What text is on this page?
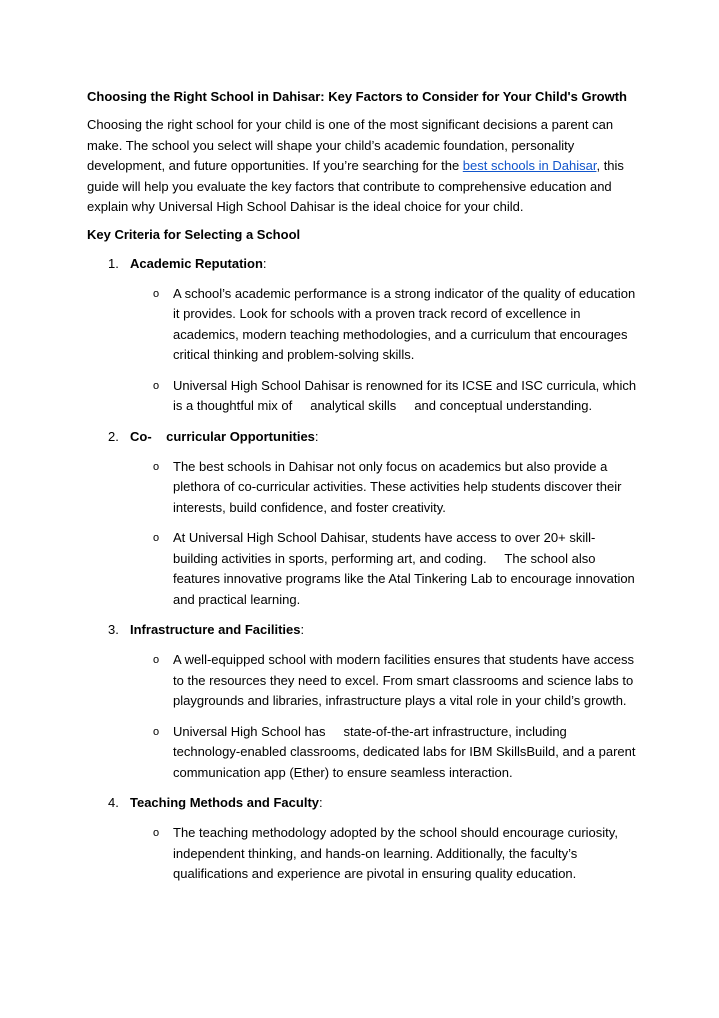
Choosing the Right School in Dahisar: Key Factors to Consider for Your Child's Growth

Choosing the right school for your child is one of the most significant decisions a parent can make. The school you select will shape your child’s academic foundation, personality development, and future opportunities. If you’re searching for the best schools in Dahisar, this guide will help you evaluate the key factors that contribute to comprehensive education and explain why Universal High School Dahisar is the ideal choice for your child.

Key Criteria for Selecting a School
1. Academic Reputation:
o	A school’s academic performance is a strong indicator of the quality of education it provides. Look for schools with a proven track record of excellence in academics, modern teaching methodologies, and a curriculum that encourages critical thinking and problem-solving skills.
o	Universal High School Dahisar is renowned for its ICSE and ISC curricula, which is a thoughtful mix of     analytical skills     and conceptual understanding.
2. Co-    curricular Opportunities:
o	The best schools in Dahisar not only focus on academics but also provide a plethora of co-curricular activities. These activities help students discover their interests, build confidence, and foster creativity.
o	At Universal High School Dahisar, students have access to over 20+ skill-building activities in sports, performing art, and coding.     The school also features innovative programs like the Atal Tinkering Lab to encourage innovation and practical learning.
3. Infrastructure and Facilities:
o	A well-equipped school with modern facilities ensures that students have access to the resources they need to excel. From smart classrooms and science labs to playgrounds and libraries, infrastructure plays a vital role in your child’s growth.
o	Universal High School has     state-of-the-art infrastructure, including technology-enabled classrooms, dedicated labs for IBM SkillsBuild, and a parent communication app (Ether) to ensure seamless interaction.
4. Teaching Methods and Faculty:
o	The teaching methodology adopted by the school should encourage curiosity, independent thinking, and hands-on learning. Additionally, the faculty’s qualifications and experience are pivotal in ensuring quality education.
